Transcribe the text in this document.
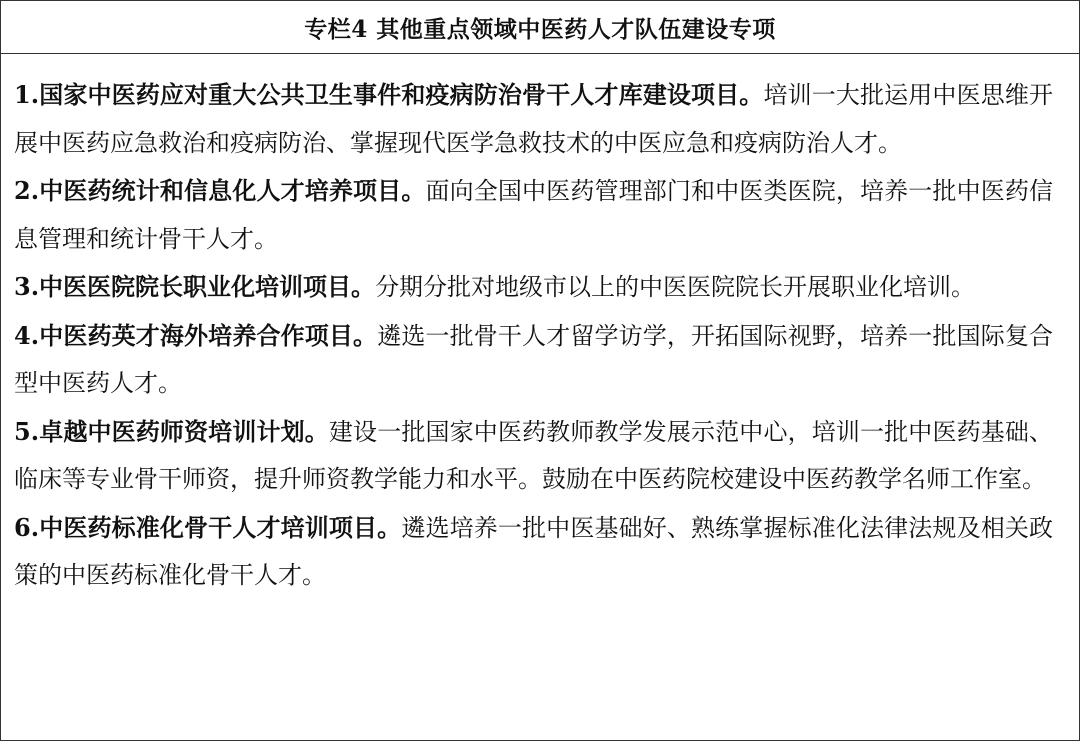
专栏4 其他重点领域中医药人才队伍建设专项

1.国家中医药应对重大公共卫生事件和疫病防治骨干人才库建设项目。培训一大批运用中医思维开展中医药应急救治和疫病防治、掌握现代医学急救技术的中医应急和疫病防治人才。

2.中医药统计和信息化人才培养项目。面向全国中医药管理部门和中医类医院，培养一批中医药信息管理和统计骨干人才。

3.中医医院院长职业化培训项目。分期分批对地级市以上的中医医院院长开展职业化培训。

4.中医药英才海外培养合作项目。遴选一批骨干人才留学访学，开拓国际视野，培养一批国际复合型中医药人才。

5.卓越中医药师资培训计划。建设一批国家中医药教师教学发展示范中心，培训一批中医药基础、临床等专业骨干师资，提升师资教学能力和水平。鼓励在中医药院校建设中医药教学名师工作室。

6.中医药标准化骨干人才培训项目。遴选培养一批中医基础好、熟练掌握标准化法律法规及相关政策的中医药标准化骨干人才。
